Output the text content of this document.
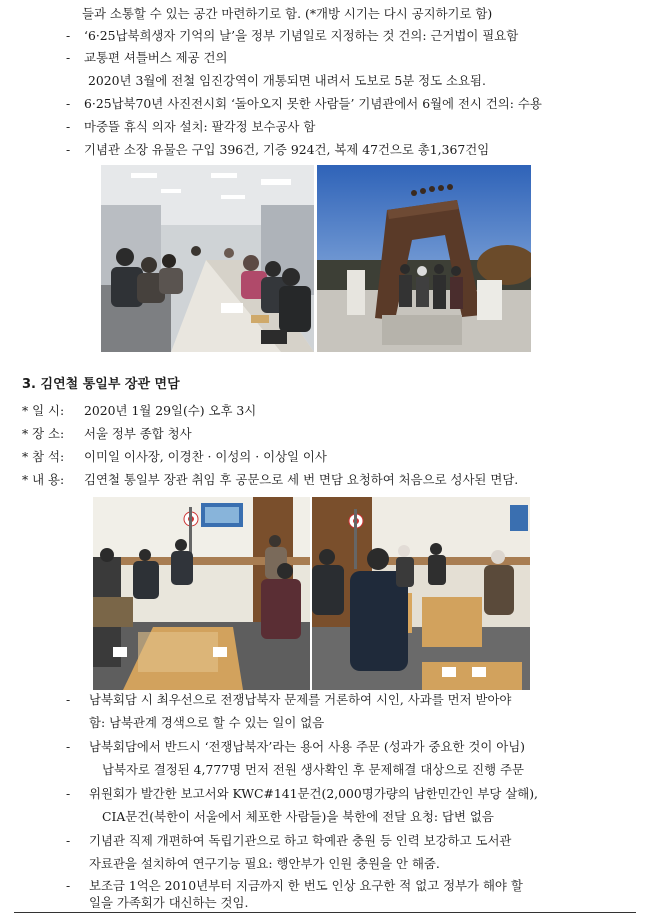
들과 소통할 수 있는 공간 마련하기로 함. (*개방 시기는 다시 공지하기로 함)
- ‘6·25납북희생자 기억의 날’을 정부 기념일로 지정하는 것 건의: 근거법이 필요함
- 교통편 셔틀버스 제공 건의
2020년 3월에 전철 임진강역이 개통되면 내려서 도보로 5분 정도 소요됨.
- 6·25납북70년 사진전시회 ‘돌아오지 못한 사람들’ 기념관에서 6월에 전시 건의: 수용
- 마중뜰 휴식 의자 설치: 팔각정 보수공사 함
- 기념관 소장 유물은 구입 396건, 기증 924건, 복제 47건으로 총1,367건임
3. 김연철 통일부 장관 면담
* 일 시: 2020년 1월 29일(수) 오후 3시
* 장 소: 서울 정부 종합 청사
* 참 석: 이미일 이사장, 이경찬 · 이성의 · 이상일 이사
* 내 용: 김연철 통일부 장관 취임 후 공문으로 세 번 면담 요청하여 처음으로 성사된 면담.
- 남북회담 시 최우선으로 전쟁납북자 문제를 거론하여 시인, 사과를 먼저 받아야
함: 남북관계 경색으로 할 수 있는 일이 없음
- 남북회담에서 반드시 ‘전쟁납북자’라는 용어 사용 주문 (성과가 중요한 것이 아님)
납북자로 결정된 4,777명 먼저 전원 생사확인 후 문제해결 대상으로 진행 주문
- 위원회가 발간한 보고서와 KWC#141문건(2,000명가량의 남한민간인 부당 살해),
CIA문건(북한이 서울에서 체포한 사람들)을 북한에 전달 요청: 답변 없음
- 기념관 직제 개편하여 독립기관으로 하고 학예관 충원 등 인력 보강하고 도서관
자료관을 설치하여 연구기능 필요: 행안부가 인원 충원을 안 해줌.
- 보조금 1억은 2010년부터 지금까지 한 번도 인상 요구한 적 없고 정부가 해야 할
일을 가족회가 대신하는 것임.
